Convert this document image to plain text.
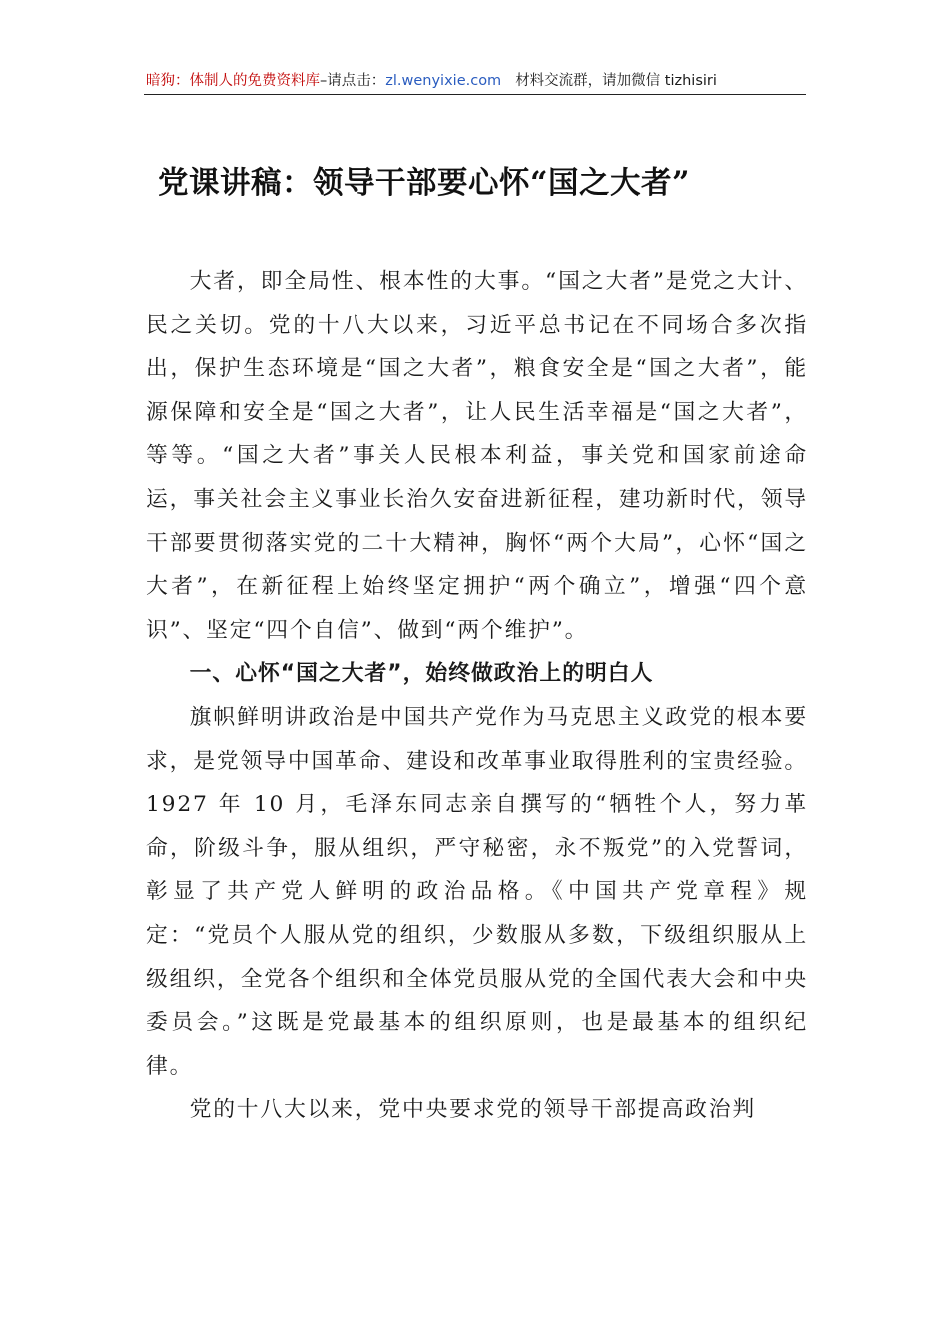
暗狗：体制人的免费资料库–请点击：zl.wenyixie.com 材料交流群，请加微信 tizhisiri
党课讲稿：领导干部要心怀“国之大者”

大者，即全局性、根本性的大事。“国之大者”是党之大计、民之关切。党的十八大以来，习近平总书记在不同场合多次指出，保护生态环境是“国之大者”，粮食安全是“国之大者”，能源保障和安全是“国之大者”，让人民生活幸福是“国之大者”，等等。“国之大者”事关人民根本利益，事关党和国家前途命运，事关社会主义事业长治久安奋进新征程，建功新时代，领导干部要贯彻落实党的二十大精神，胸怀“两个大局”，心怀“国之大者”，在新征程上始终坚定拥护“两个确立”，增强“四个意识”、坚定“四个自信”、做到“两个维护”。

一、心怀“国之大者”，始终做政治上的明白人

旗帜鲜明讲政治是中国共产党作为马克思主义政党的根本要求，是党领导中国革命、建设和改革事业取得胜利的宝贵经验。1927 年 10 月，毛泽东同志亲自撰写的“牺牲个人，努力革命，阶级斗争，服从组织，严守秘密，永不叛党”的入党誓词，彰显了共产党人鲜明的政治品格。《中国共产党章程》规定：“党员个人服从党的组织，少数服从多数，下级组织服从上级组织，全党各个组织和全体党员服从党的全国代表大会和中央委员会。”这既是党最基本的组织原则，也是最基本的组织纪律。

党的十八大以来，党中央要求党的领导干部提高政治判
